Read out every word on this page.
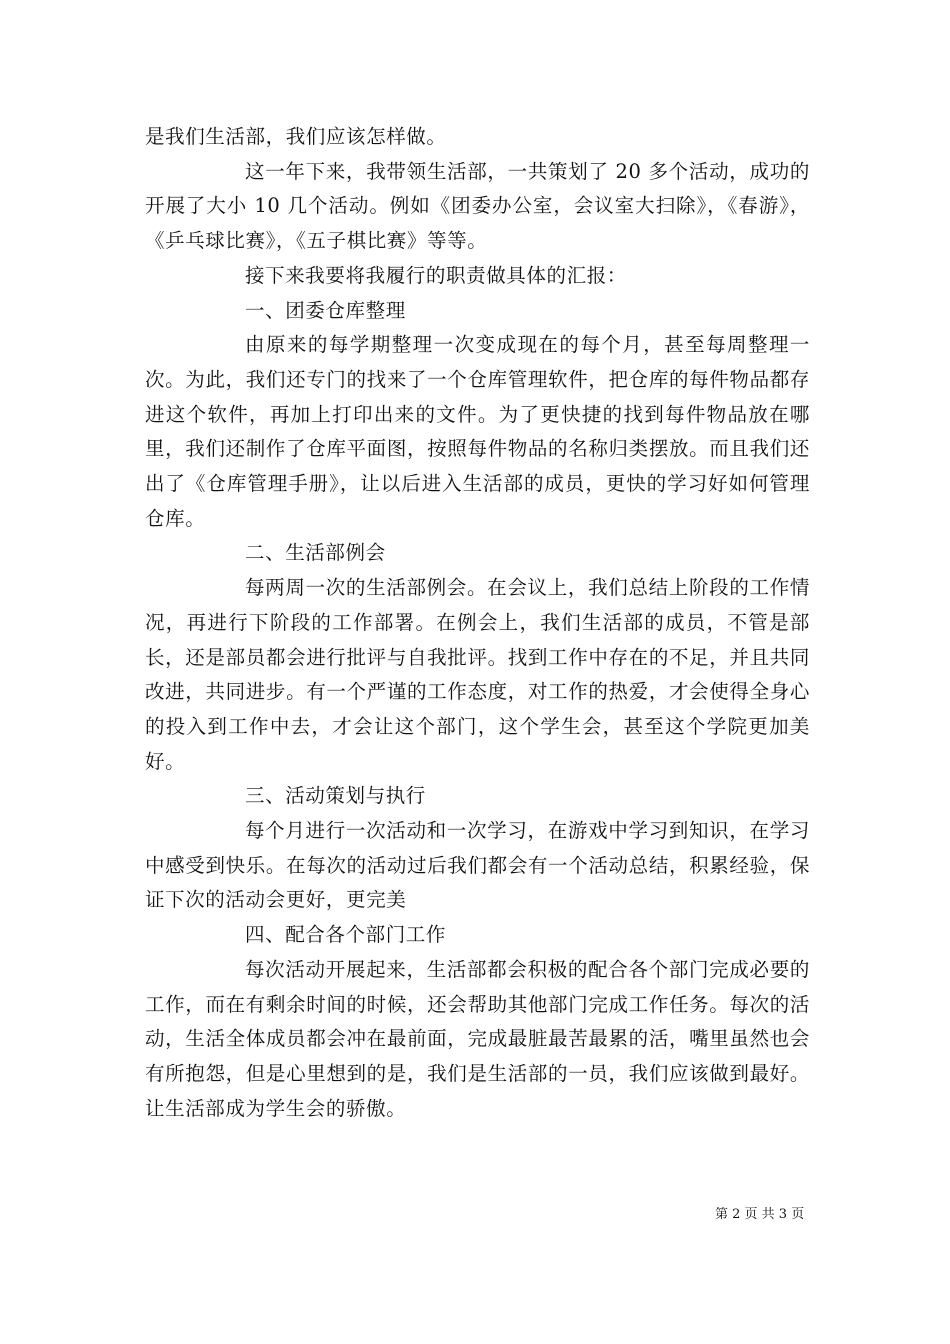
是我们生活部，我们应该怎样做。

这一年下来，我带领生活部，一共策划了 20 多个活动，成功的开展了大小 10 几个活动。例如《团委办公室，会议室大扫除》，《春游》，《乒乓球比赛》，《五子棋比赛》等等。

接下来我要将我履行的职责做具体的汇报：

一、团委仓库整理

由原来的每学期整理一次变成现在的每个月，甚至每周整理一次。为此，我们还专门的找来了一个仓库管理软件，把仓库的每件物品都存进这个软件，再加上打印出来的文件。为了更快捷的找到每件物品放在哪里，我们还制作了仓库平面图，按照每件物品的名称归类摆放。而且我们还出了《仓库管理手册》，让以后进入生活部的成员，更快的学习好如何管理仓库。

二、生活部例会

每两周一次的生活部例会。在会议上，我们总结上阶段的工作情况，再进行下阶段的工作部署。在例会上，我们生活部的成员，不管是部长，还是部员都会进行批评与自我批评。找到工作中存在的不足，并且共同改进，共同进步。有一个严谨的工作态度，对工作的热爱，才会使得全身心的投入到工作中去，才会让这个部门，这个学生会，甚至这个学院更加美好。

三、活动策划与执行

每个月进行一次活动和一次学习，在游戏中学习到知识，在学习中感受到快乐。在每次的活动过后我们都会有一个活动总结，积累经验，保证下次的活动会更好，更完美

四、配合各个部门工作

每次活动开展起来，生活部都会积极的配合各个部门完成必要的工作，而在有剩余时间的时候，还会帮助其他部门完成工作任务。每次的活动，生活全体成员都会冲在最前面，完成最脏最苦最累的活，嘴里虽然也会有所抱怨，但是心里想到的是，我们是生活部的一员，我们应该做到最好。让生活部成为学生会的骄傲。

第 2 页 共 3 页
